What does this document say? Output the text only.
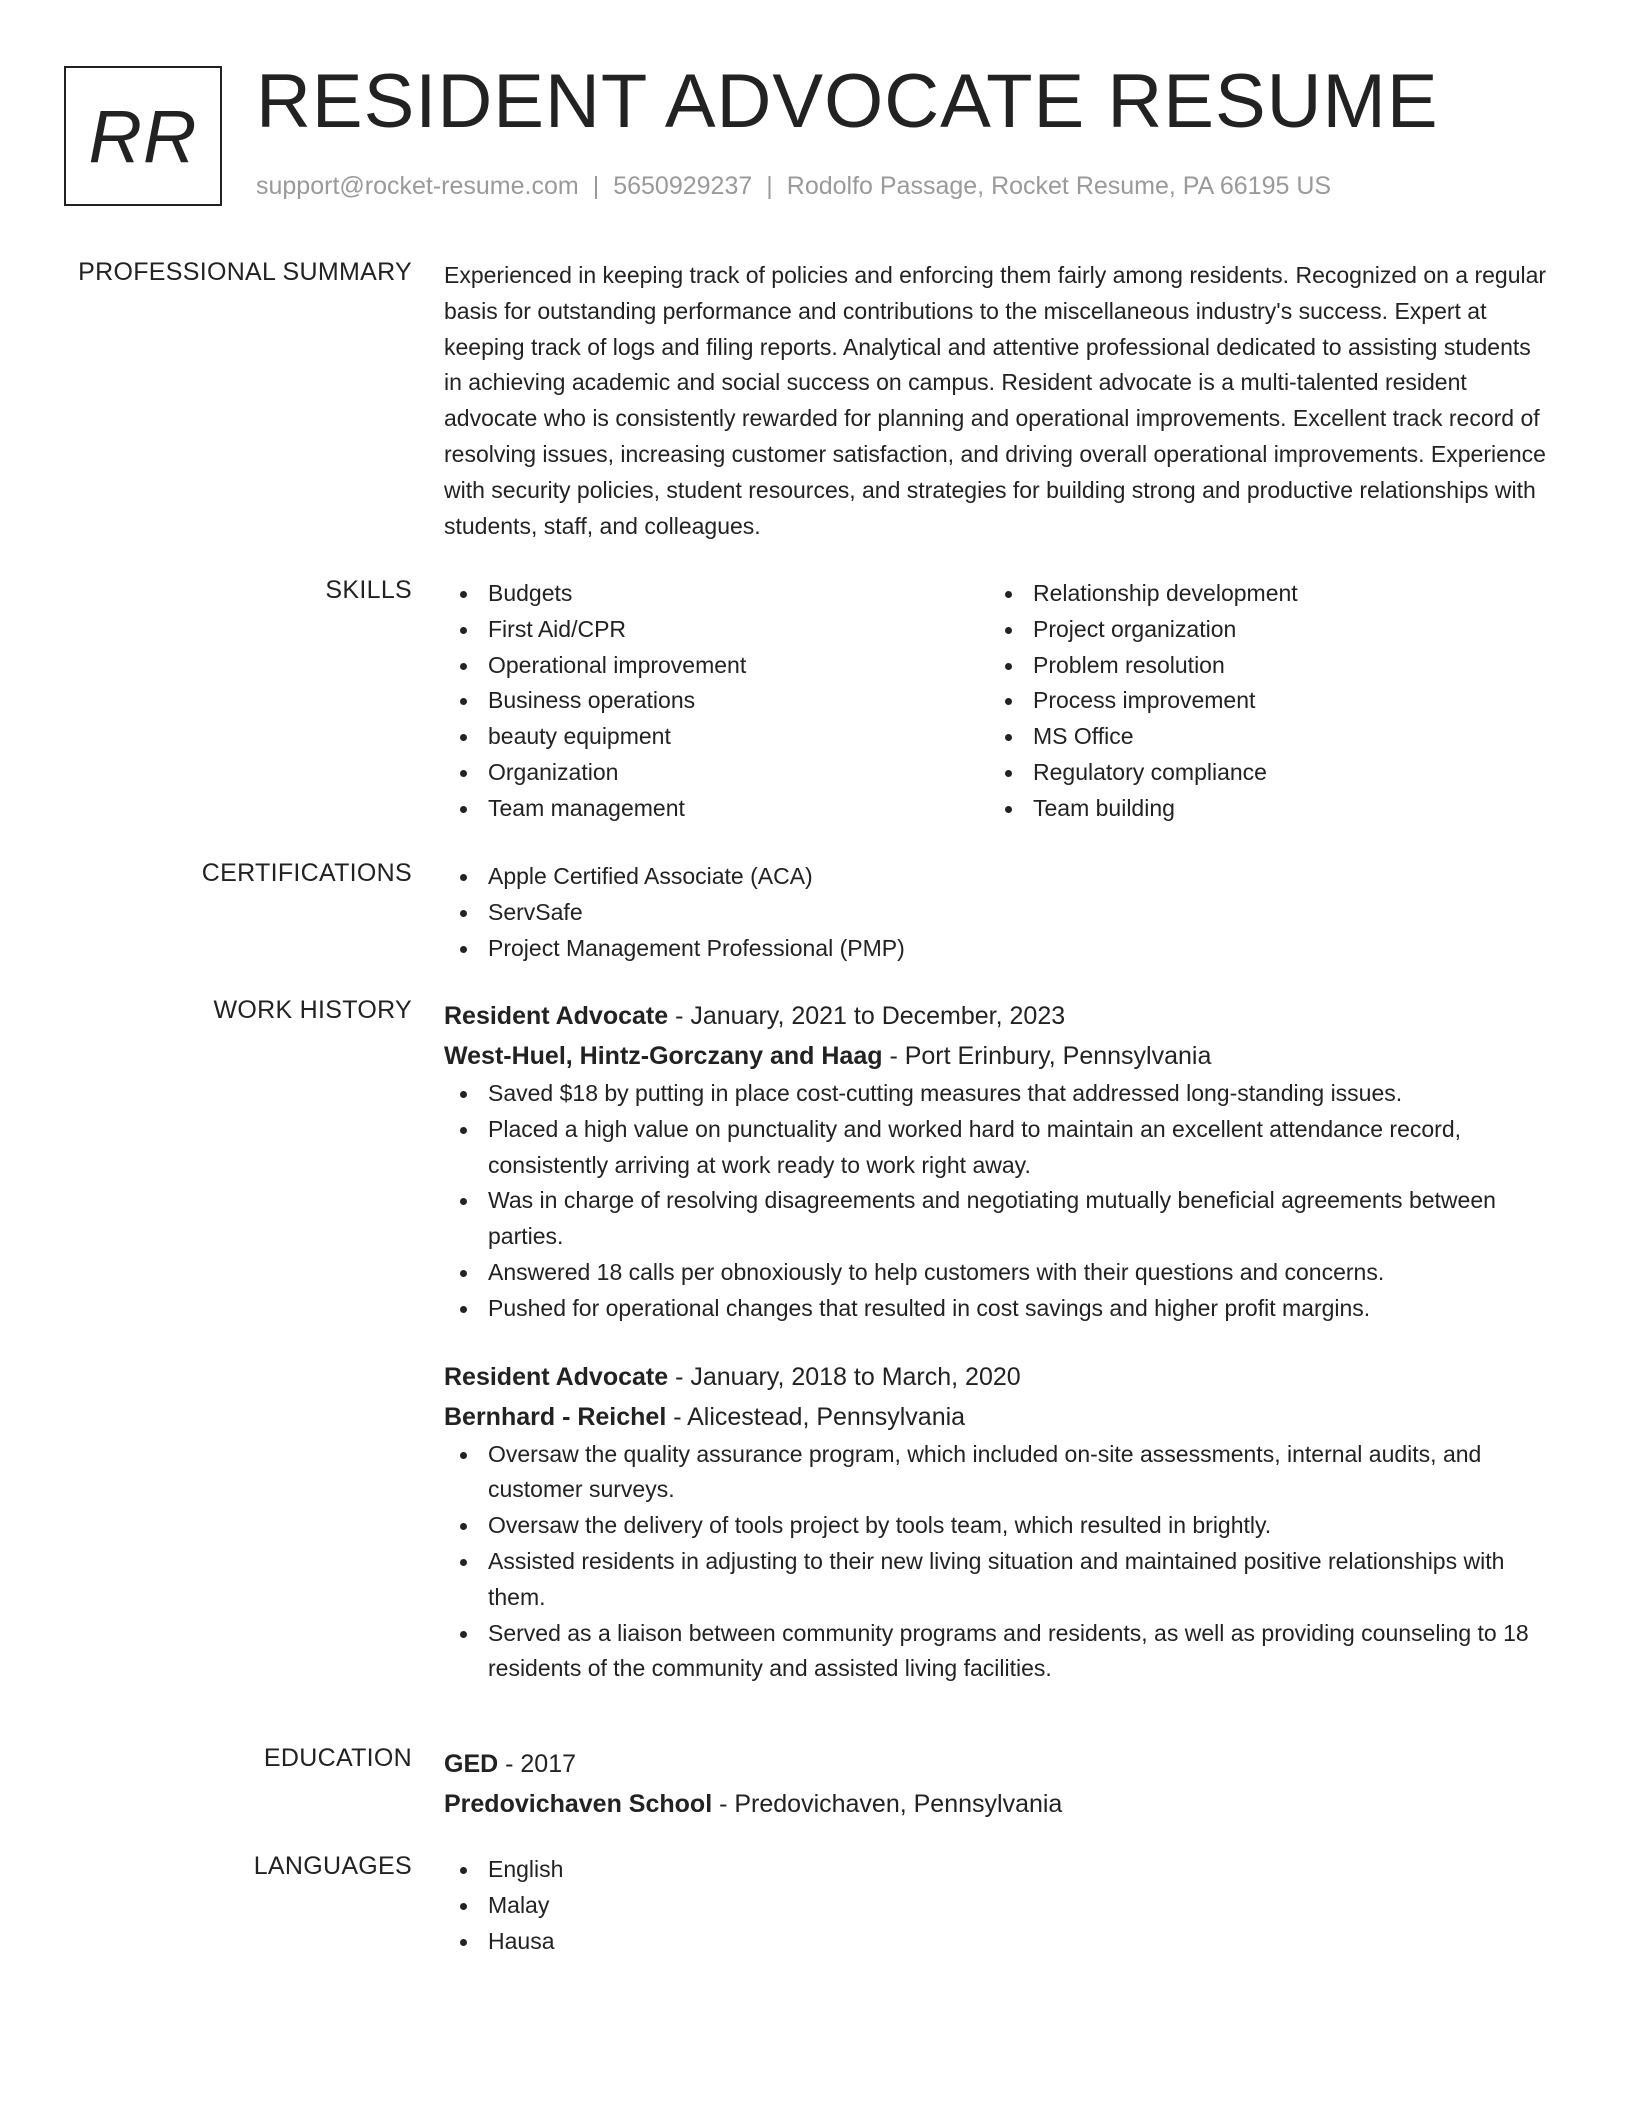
RR RESIDENT ADVOCATE RESUME
support@rocket-resume.com | 5650929237 | Rodolfo Passage, Rocket Resume, PA 66195 US
PROFESSIONAL SUMMARY Experienced in keeping track of policies and enforcing them fairly among residents. Recognized on a regular basis for outstanding performance and contributions to the miscellaneous industry's success. Expert at keeping track of logs and filing reports. Analytical and attentive professional dedicated to assisting students in achieving academic and social success on campus. Resident advocate is a multi-talented resident advocate who is consistently rewarded for planning and operational improvements. Excellent track record of resolving issues, increasing customer satisfaction, and driving overall operational improvements. Experience with security policies, student resources, and strategies for building strong and productive relationships with students, staff, and colleagues.

SKILLS	Budgets
First Aid/CPR
Operational improvement
Business operations
beauty equipment
Organization
Team management
Relationship development
Project organization
Problem resolution
Process improvement
MS Office
Regulatory compliance
Team building
CERTIFICATIONS	Apple Certified Associate (ACA)
ServSafe
Project Management Professional (PMP)
WORK HISTORY Resident Advocate - January, 2021 to December, 2023
West-Huel, Hintz-Gorczany and Haag - Port Erinbury, Pennsylvania
Saved $18 by putting in place cost-cutting measures that addressed long-standing issues.
Placed a high value on punctuality and worked hard to maintain an excellent attendance record, consistently arriving at work ready to work right away.
Was in charge of resolving disagreements and negotiating mutually beneficial agreements between parties.
Answered 18 calls per obnoxiously to help customers with their questions and concerns.
Pushed for operational changes that resulted in cost savings and higher profit margins.
Resident Advocate - January, 2018 to March, 2020
Bernhard - Reichel - Alicestead, Pennsylvania
Oversaw the quality assurance program, which included on-site assessments, internal audits, and customer surveys.
Oversaw the delivery of tools project by tools team, which resulted in brightly.
Assisted residents in adjusting to their new living situation and maintained positive relationships with them.
Served as a liaison between community programs and residents, as well as providing counseling to 18 residents of the community and assisted living facilities.
EDUCATION GED - 2017
Predovichaven School - Predovichaven, Pennsylvania
LANGUAGES	English
Malay
Hausa
